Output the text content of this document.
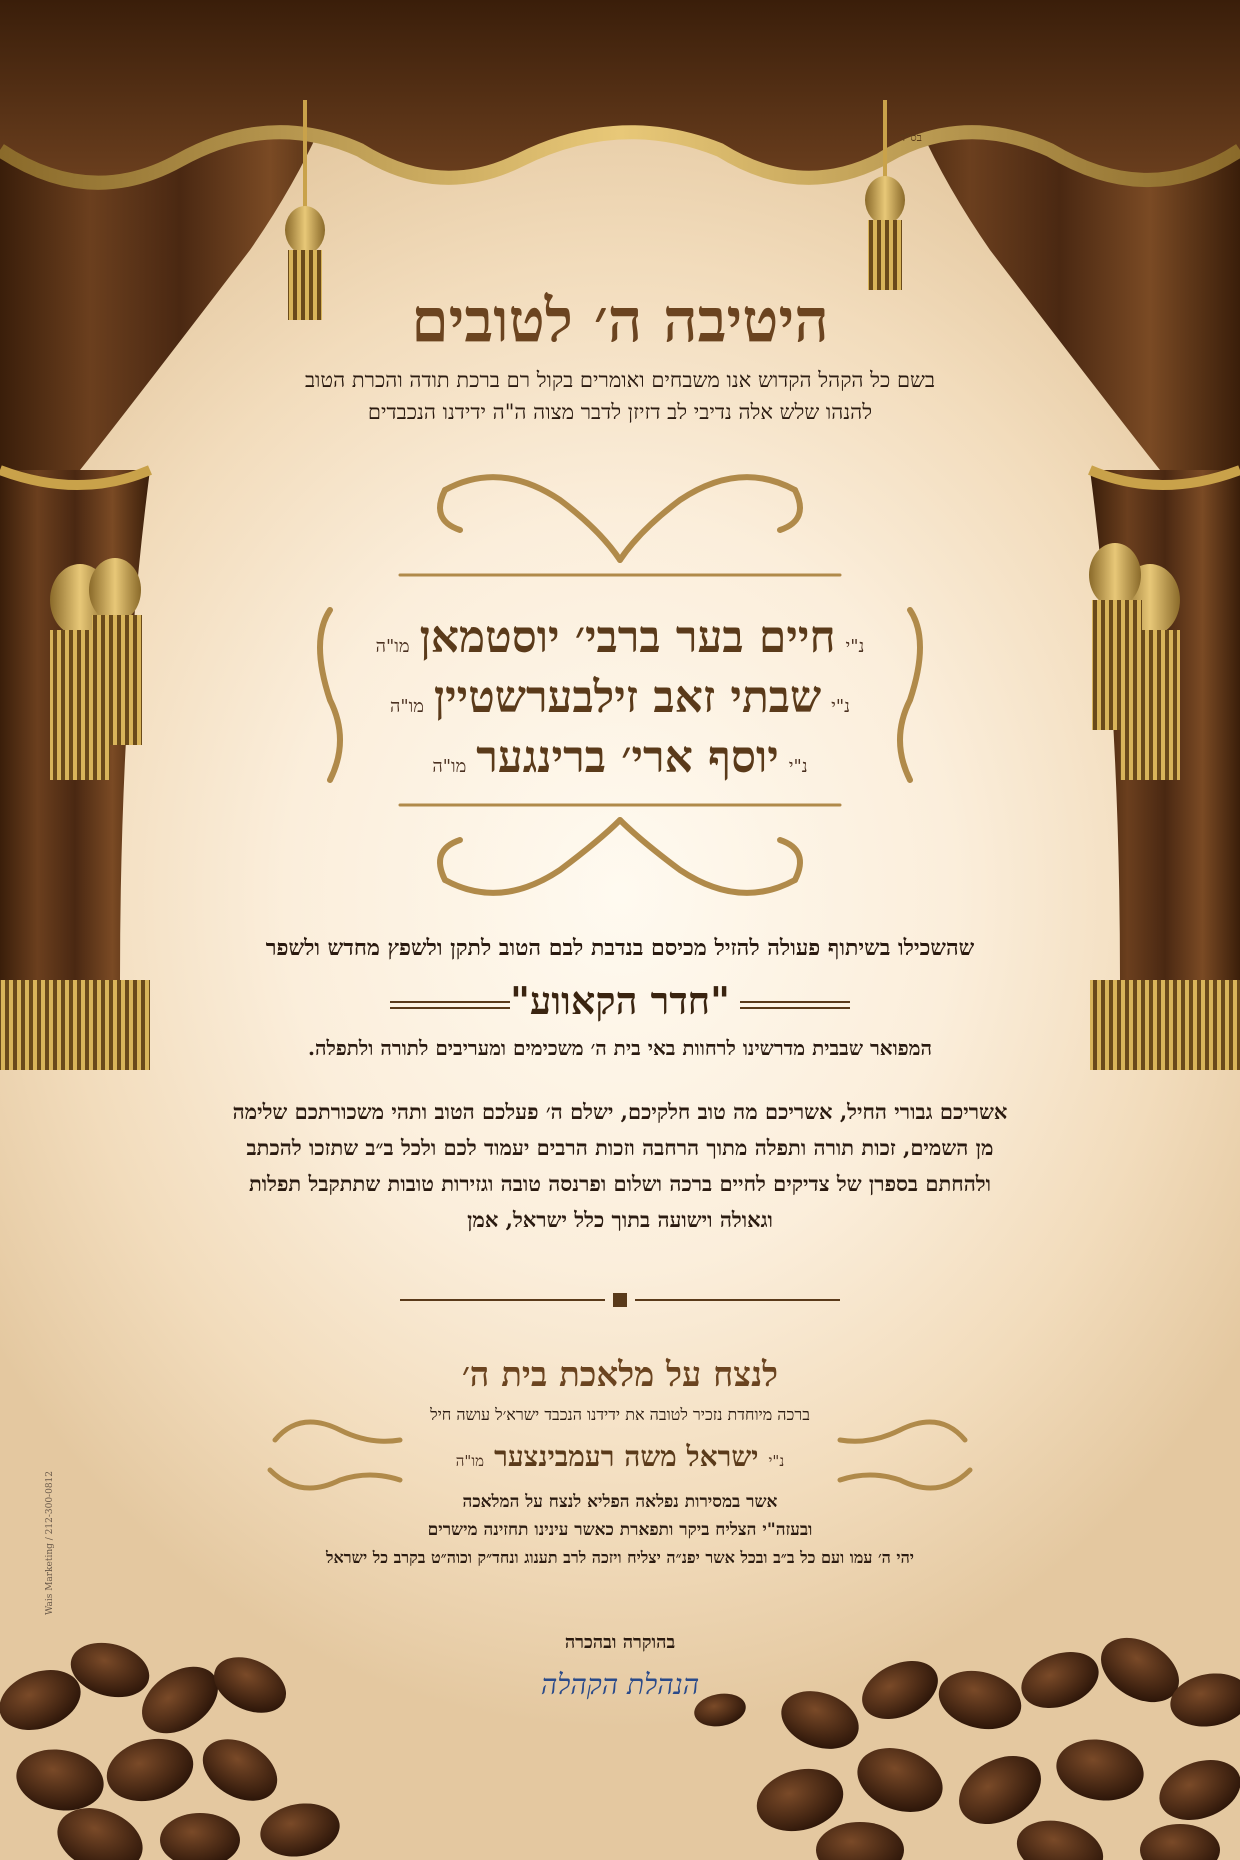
בס"ד
היטיבה ה׳ לטובים
בשם כל הקהל הקדוש אנו משבחים ואומרים בקול רם ברכת תודה והכרת הטוב
להנהו שלש אלה נדיבי לב דזיזן לדבר מצוה ה"ה ידידנו הנכבדים
מו"ה חיים בער ברבי׳ יוסטמאן נ"י
מו"ה שבתי זאב זילבערשטיין נ"י
מו"ה יוסף ארי׳ ברינגער נ"י
שהשכילו בשיתוף פעולה להזיל מכיסם בנדבת לבם הטוב לתקן ולשפץ מחדש ולשפר
"חדר הקאווע"
המפואר שבבית מדרשינו לרחוות באי בית ה׳ משכימים ומעריבים לתורה ולתפלה.
אשריכם גבורי החיל, אשריכם מה טוב חלקיכם, ישלם ה׳ פעלכם הטוב ותהי משכורתכם שלימה
מן השמים, זכות תורה ותפלה מתוך הרחבה וזכות הרבים יעמוד לכם ולכל ב״ב שתזכו להכתב
ולהחתם בספרן של צדיקים לחיים ברכה ושלום ופרנסה טובה וגזירות טובות שתתקבל תפלות
וגאולה וישועה בתוך כלל ישראל, אמן
לנצח על מלאכת בית ה׳
ברכה מיוחדת נזכיר לטובה את ידידנו הנכבד ישרא׳ל עושה חיל
מו"ה ישראל משה רעמבינצער נ"י
אשר במסירות נפלאה הפליא לנצח על המלאכה
ובעזה"י הצליח ביקר ותפארת כאשר עינינו תחזינה מישרים
יהי ה׳ עמו ועם כל ב״ב ובכל אשר יפנ״ה יצליח ויזכה לרב תענוג ונחד״ק וכוה״ט בקרב כל ישראל
בהוקרה ובהכרה
הנהלת הקהלה
Wais Marketing / 212-300-0812
